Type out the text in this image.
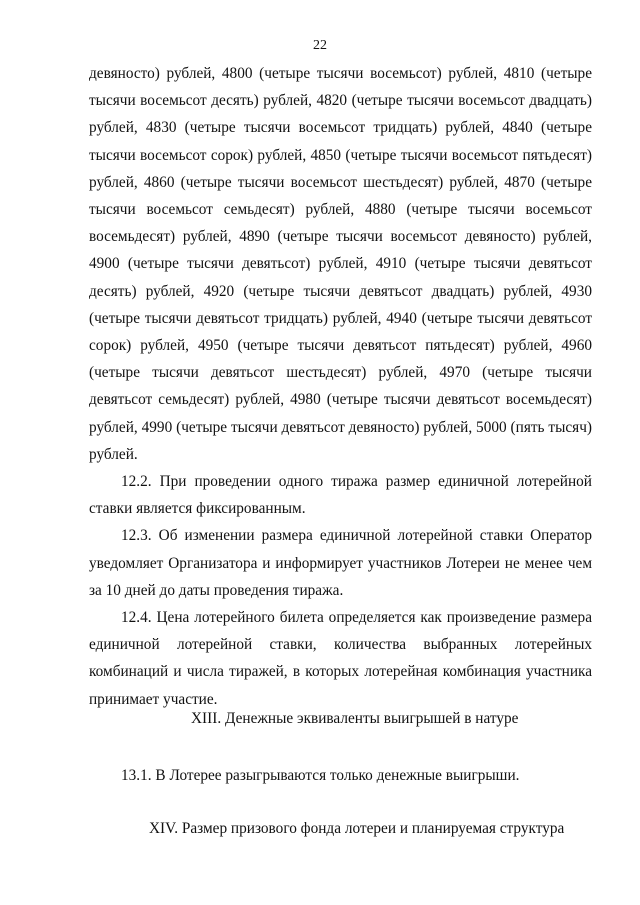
22
девяносто) рублей, 4800 (четыре тысячи восемьсот) рублей, 4810 (четыре
тысячи восемьсот десять) рублей, 4820 (четыре тысячи восемьсот двадцать)
рублей, 4830 (четыре тысячи восемьсот тридцать) рублей, 4840 (четыре
тысячи восемьсот сорок) рублей, 4850 (четыре тысячи восемьсот пятьдесят)
рублей, 4860 (четыре тысячи восемьсот шестьдесят) рублей, 4870 (четыре
тысячи восемьсот семьдесят) рублей, 4880 (четыре тысячи восемьсот
восемьдесят) рублей, 4890 (четыре тысячи восемьсот девяносто) рублей,
4900 (четыре тысячи девятьсот) рублей, 4910 (четыре тысячи девятьсот
десять) рублей, 4920 (четыре тысячи девятьсот двадцать) рублей, 4930
(четыре тысячи девятьсот тридцать) рублей, 4940 (четыре тысячи девятьсот
сорок) рублей, 4950 (четыре тысячи девятьсот пятьдесят) рублей, 4960
(четыре тысячи девятьсот шестьдесят) рублей, 4970 (четыре тысячи
девятьсот семьдесят) рублей, 4980 (четыре тысячи девятьсот восемьдесят)
рублей, 4990 (четыре тысячи девятьсот девяносто) рублей, 5000 (пять тысяч)
рублей.
12.2. При проведении одного тиража размер единичной лотерейной
ставки является фиксированным.
12.3. Об изменении размера единичной лотерейной ставки Оператор
уведомляет Организатора и информирует участников Лотереи не менее чем
за 10 дней до даты проведения тиража.
12.4. Цена лотерейного билета определяется как произведение размера
единичной лотерейной ставки, количества выбранных лотерейных
комбинаций и числа тиражей, в которых лотерейная комбинация участника
принимает участие.
XIII. Денежные эквиваленты выигрышей в натуре
13.1. В Лотерее разыгрываются только денежные выигрыши.
XIV. Размер призового фонда лотереи и планируемая структура
